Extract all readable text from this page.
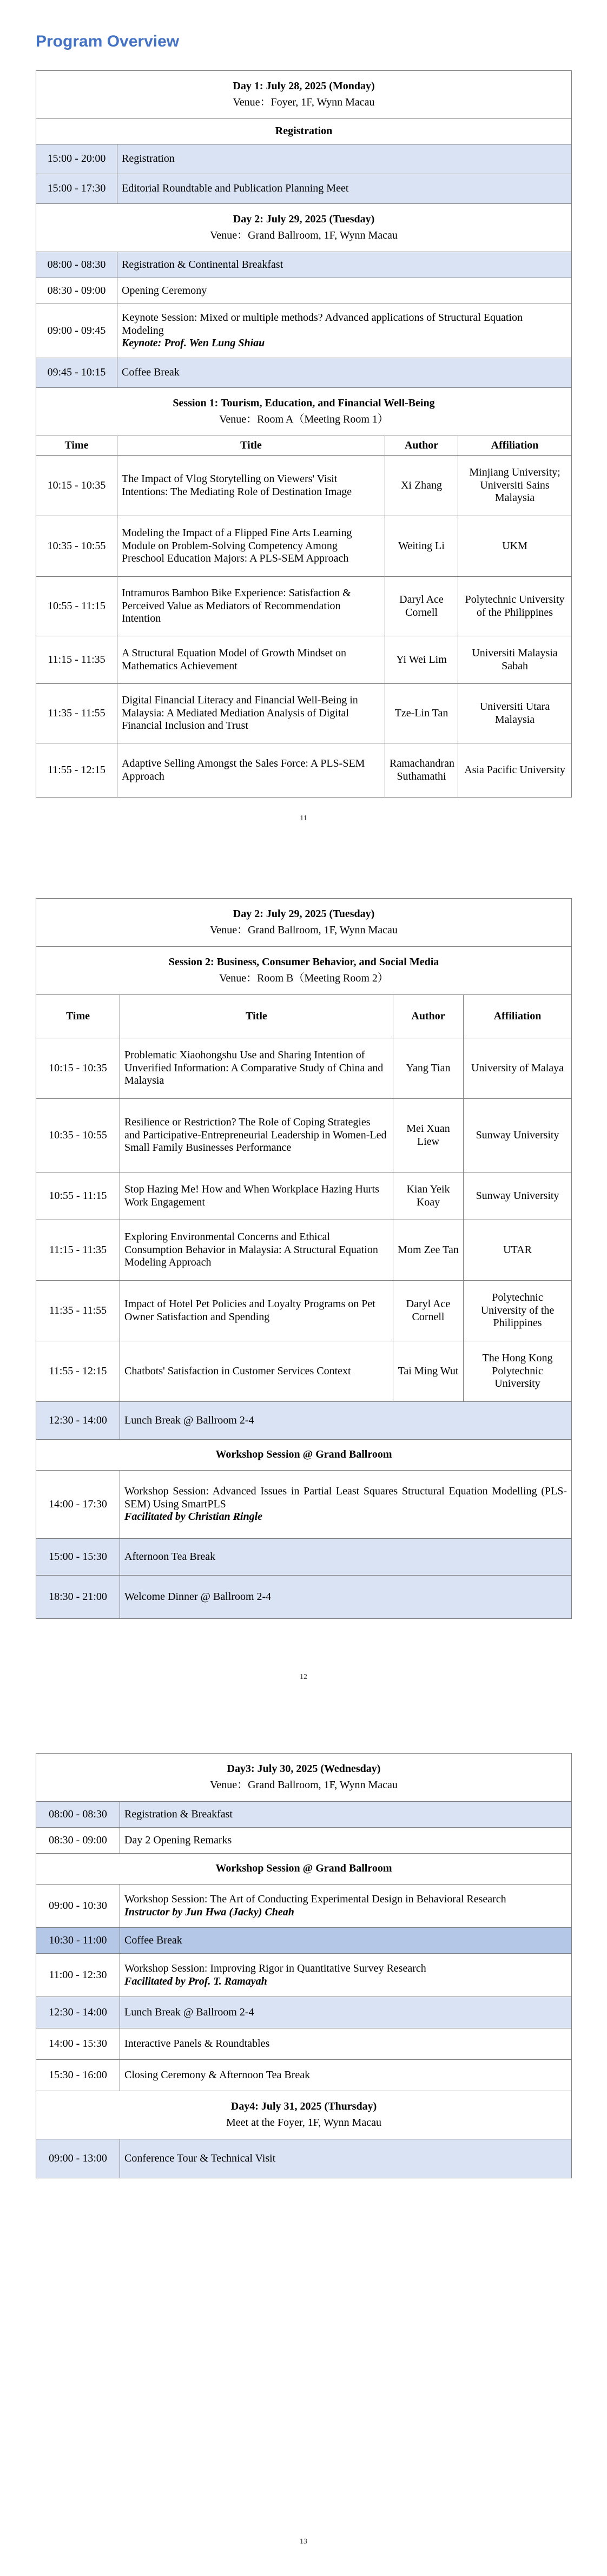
Program Overview
Day 1: July 28, 2025 (Monday)
Venue：Foyer, 1F, Wynn Macau			

Registration			
15:00 - 20:00	Registration		
15:00 - 17:30	Editorial Roundtable and Publication Planning Meet		

Day 2: July 29, 2025 (Tuesday)
Venue：Grand Ballroom, 1F, Wynn Macau			

08:00 - 08:30	Registration & Continental Breakfast		
08:30 - 09:00	Opening Ceremony		
09:00 - 09:45	Keynote Session: Mixed or multiple methods? Advanced applications of Structural Equation Modeling
Keynote: Prof. Wen Lung Shiau		

09:45 - 10:15	Coffee Break		

Session 1: Tourism, Education, and Financial Well-Being
Venue：Room A（Meeting Room 1）			

Time	Title	Author	Affiliation
10:15 - 10:35	The Impact of Vlog Storytelling on Viewers' Visit Intentions: The Mediating Role of Destination Image	Xi Zhang	Minjiang University; Universiti Sains Malaysia
10:35 - 10:55	Modeling the Impact of a Flipped Fine Arts Learning Module on Problem-Solving Competency Among Preschool Education Majors: A PLS-SEM Approach	Weiting Li	UKM
10:55 - 11:15	Intramuros Bamboo Bike Experience: Satisfaction & Perceived Value as Mediators of Recommendation Intention	Daryl Ace Cornell	Polytechnic University of the Philippines
11:15 - 11:35	A Structural Equation Model of Growth Mindset on Mathematics Achievement	Yi Wei Lim	Universiti Malaysia Sabah
11:35 - 11:55	Digital Financial Literacy and Financial Well-Being in Malaysia: A Mediated Mediation Analysis of Digital Financial Inclusion and Trust	Tze-Lin Tan	Universiti Utara Malaysia
11:55 - 12:15	Adaptive Selling Amongst the Sales Force: A PLS-SEM Approach	Ramachandran Suthamathi	Asia Pacific University
11
Day 2: July 29, 2025 (Tuesday)
Venue：Grand Ballroom, 1F, Wynn Macau			

Session 2: Business, Consumer Behavior, and Social Media
Venue：Room B（Meeting Room 2）			

Time	Title	Author	Affiliation
10:15 - 10:35	Problematic Xiaohongshu Use and Sharing Intention of Unverified Information: A Comparative Study of China and Malaysia	Yang Tian	University of Malaya
10:35 - 10:55	Resilience or Restriction? The Role of Coping Strategies and Participative-Entrepreneurial Leadership in Women-Led Small Family Businesses Performance	Mei Xuan Liew	Sunway University
10:55 - 11:15	Stop Hazing Me! How and When Workplace Hazing Hurts Work Engagement	Kian Yeik Koay	Sunway University
11:15 - 11:35	Exploring Environmental Concerns and Ethical Consumption Behavior in Malaysia: A Structural Equation Modeling Approach	Mom Zee Tan	UTAR
11:35 - 11:55	Impact of Hotel Pet Policies and Loyalty Programs on Pet Owner Satisfaction and Spending	Daryl Ace Cornell	Polytechnic University of the Philippines
11:55 - 12:15	Chatbots' Satisfaction in Customer Services Context	Tai Ming Wut	The Hong Kong Polytechnic University
12:30 - 14:00	Lunch Break @ Ballroom 2-4		
Workshop Session @ Grand Ballroom			
14:00 - 17:30	Workshop Session: Advanced Issues in Partial Least Squares Structural Equation Modelling (PLS-SEM) Using SmartPLS
Facilitated by Christian Ringle		

15:00 - 15:30	Afternoon Tea Break		
18:30 - 21:00	Welcome Dinner @ Ballroom 2-4		
12
Day3: July 30, 2025 (Wednesday)
Venue：Grand Ballroom, 1F, Wynn Macau	

08:00 - 08:30	Registration & Breakfast
08:30 - 09:00	Day 2 Opening Remarks
Workshop Session @ Grand Ballroom	
09:00 - 10:30	Workshop Session: The Art of Conducting Experimental Design in Behavioral Research
Instructor by Jun Hwa (Jacky) Cheah

10:30 - 11:00	Coffee Break
11:00 - 12:30	Workshop Session: Improving Rigor in Quantitative Survey Research
Facilitated by Prof. T. Ramayah

12:30 - 14:00	Lunch Break @ Ballroom 2-4
14:00 - 15:30	Interactive Panels & Roundtables
15:30 - 16:00	Closing Ceremony & Afternoon Tea Break

Day4: July 31, 2025 (Thursday)
Meet at the Foyer, 1F, Wynn Macau	

09:00 - 13:00	Conference Tour & Technical Visit
13
